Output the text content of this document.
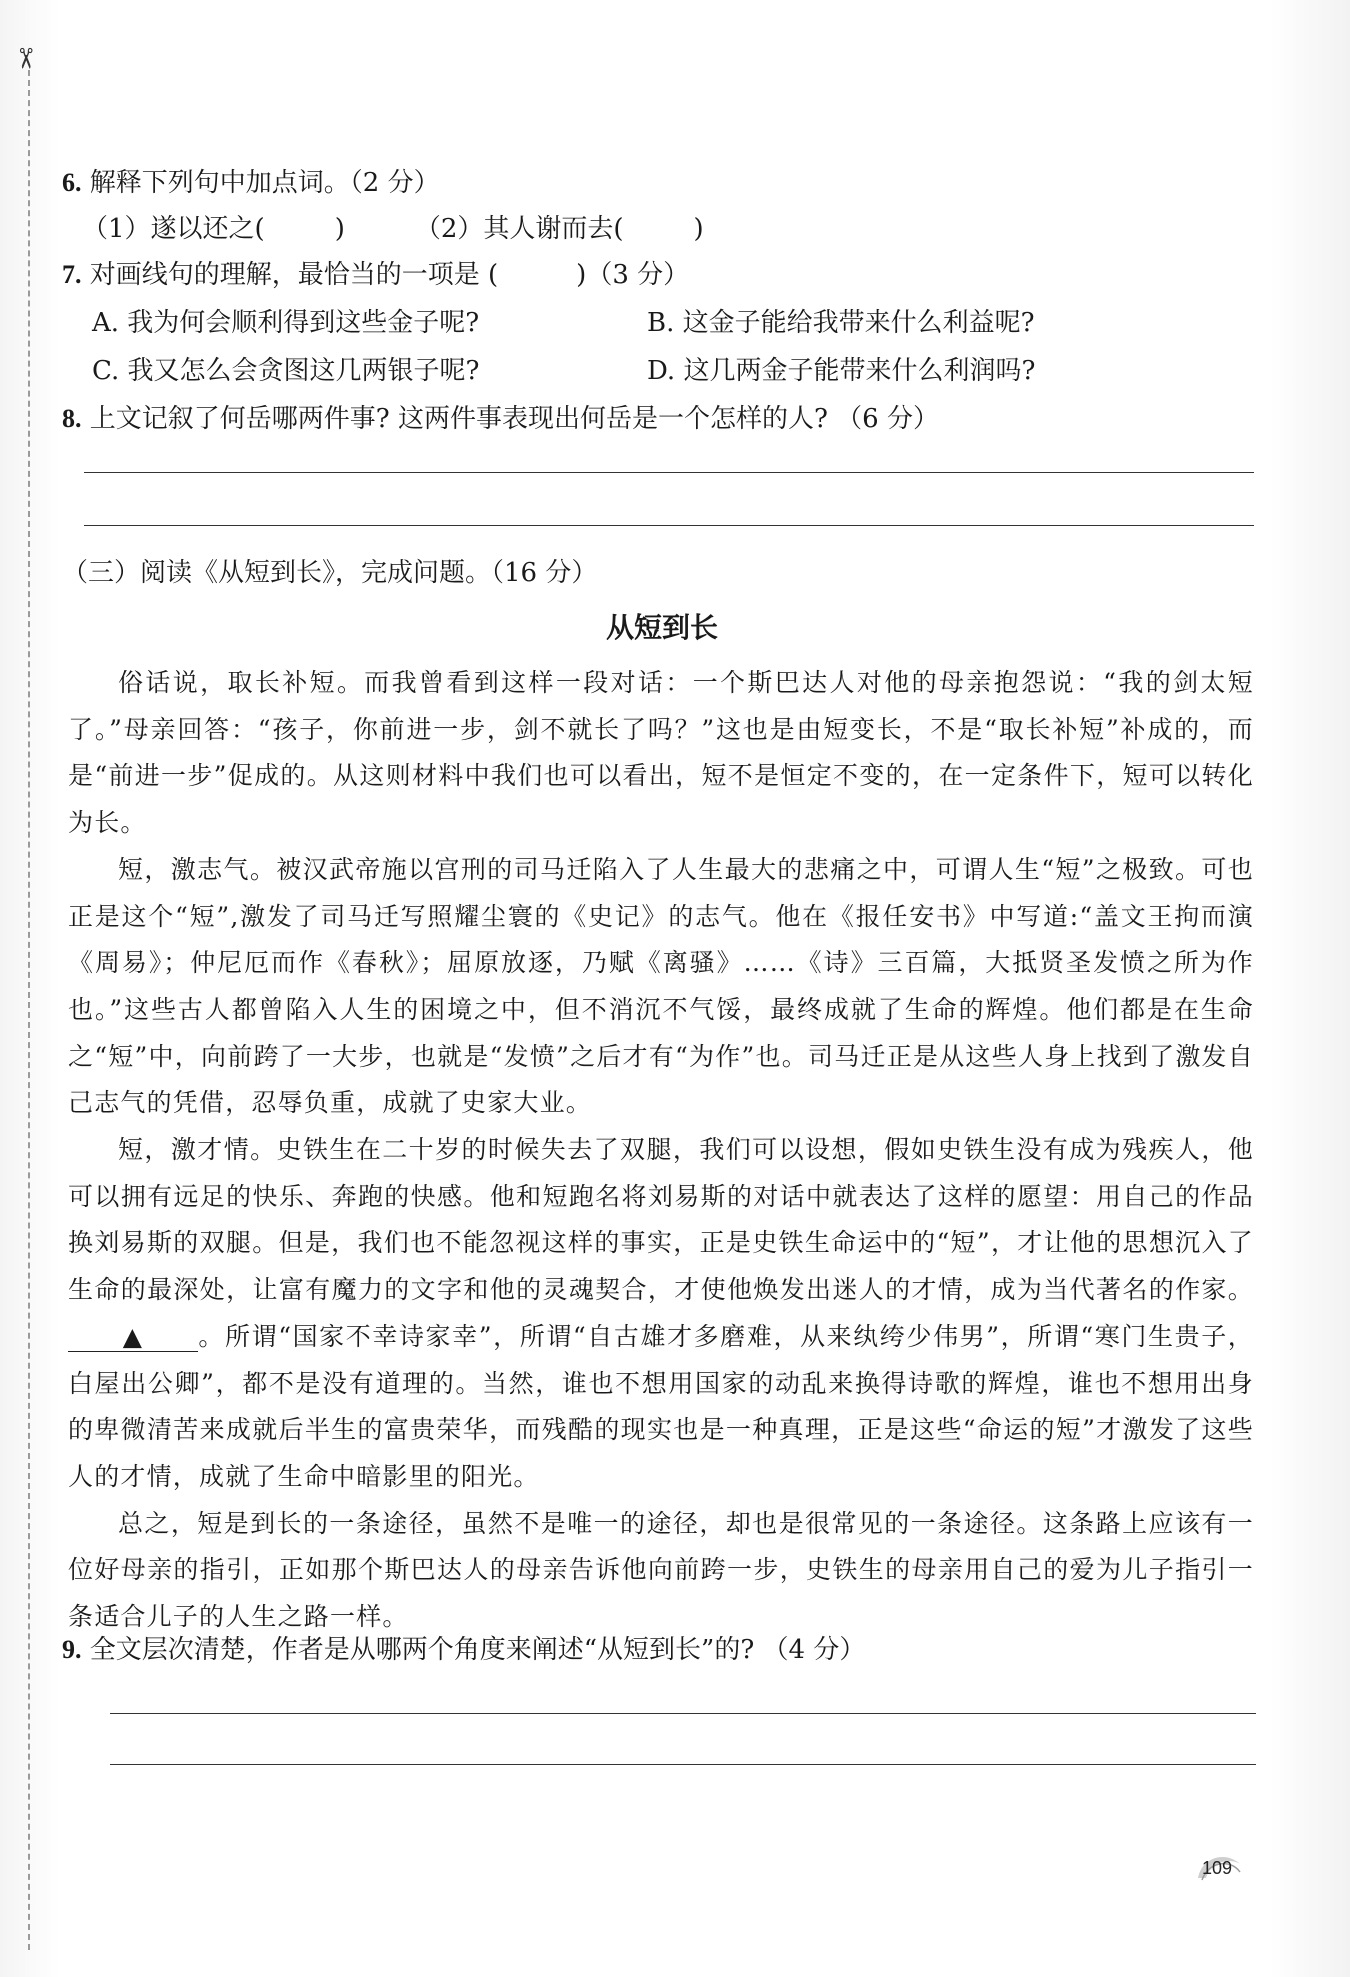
✂
6. 解释下列句中加点词。（2 分）
（1）遂以还之(	)	（2）其人谢而去(	)
7. 对画线句的理解，最恰当的一项是 (　　　)（3 分）
A. 我为何会顺利得到这些金子呢?	B. 这金子能给我带来什么利益呢?
C. 我又怎么会贪图这几两银子呢?	D. 这几两金子能带来什么利润吗?
8. 上文记叙了何岳哪两件事? 这两件事表现出何岳是一个怎样的人? （6 分）
（三）阅读《从短到长》，完成问题。（16 分）
从短到长

俗话说，取长补短。而我曾看到这样一段对话：一个斯巴达人对他的母亲抱怨说：“我的剑太短了。”母亲回答：“孩子，你前进一步，剑不就长了吗？”这也是由短变长，不是“取长补短”补成的，而是“前进一步”促成的。从这则材料中我们也可以看出，短不是恒定不变的，在一定条件下，短可以转化为长。

短，激志气。被汉武帝施以宫刑的司马迁陷入了人生最大的悲痛之中，可谓人生“短”之极致。可也正是这个“短”,激发了司马迁写照耀尘寰的《史记》的志气。他在《报任安书》中写道:“盖文王拘而演《周易》；仲尼厄而作《春秋》；屈原放逐，乃赋《离骚》……《诗》三百篇，大抵贤圣发愤之所为作也。”这些古人都曾陷入人生的困境之中，但不消沉不气馁，最终成就了生命的辉煌。他们都是在生命之“短”中，向前跨了一大步，也就是“发愤”之后才有“为作”也。司马迁正是从这些人身上找到了激发自己志气的凭借，忍辱负重，成就了史家大业。

短，激才情。史铁生在二十岁的时候失去了双腿，我们可以设想，假如史铁生没有成为残疾人，他可以拥有远足的快乐、奔跑的快感。他和短跑名将刘易斯的对话中就表达了这样的愿望：用自己的作品换刘易斯的双腿。但是，我们也不能忽视这样的事实，正是史铁生命运中的“短”，才让他的思想沉入了生命的最深处，让富有魔力的文字和他的灵魂契合，才使他焕发出迷人的才情，成为当代著名的作家。▲ 。所谓“国家不幸诗家幸”，所谓“自古雄才多磨难，从来纨绔少伟男”，所谓“寒门生贵子，白屋出公卿”，都不是没有道理的。当然，谁也不想用国家的动乱来换得诗歌的辉煌，谁也不想用出身的卑微清苦来成就后半生的富贵荣华，而残酷的现实也是一种真理，正是这些“命运的短”才激发了这些人的才情，成就了生命中暗影里的阳光。

总之，短是到长的一条途径，虽然不是唯一的途径，却也是很常见的一条途径。这条路上应该有一位好母亲的指引，正如那个斯巴达人的母亲告诉他向前跨一步，史铁生的母亲用自己的爱为儿子指引一条适合儿子的人生之路一样。

9. 全文层次清楚，作者是从哪两个角度来阐述“从短到长”的? （4 分）
109
